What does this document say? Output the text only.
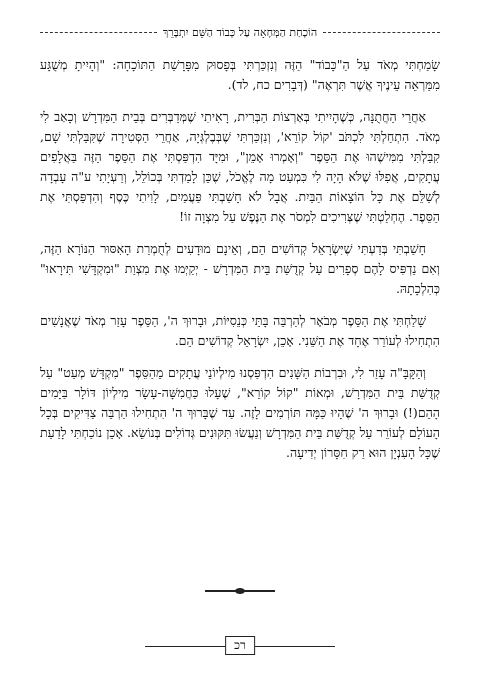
הוֹכָחַת הַמְּחָאָה עַל כְּבוֹד הַשֵּׁם יִתְבָּרֵךְ

שָׂמַחְתִּי מְאֹד עַל הַ"כָּבוֹד" הַזֶּה וְנִזְכַּרְתִּי בְּפָסוּק מִפָּרָשַׁת הַתּוֹכָחָה: "וְהָיִיתָ מְשֻׁגָּע מִמַּרְאֵה עֵינֶיךָ אֲשֶׁר תִּרְאֶה" (דְּבָרִים כח, לד).

אַחֲרֵי הַחֲתֻנָּה, כְּשֶׁהָיִיתִי בְּאַרְצוֹת הַבְּרִית, רָאִיתִי שֶׁמְּדַבְּרִים בְּבֵית הַמִּדְרָשׁ וְכָאַב לִי מְאֹד. הִתְחַלְתִּי לִכְתֹּב 'קוֹל קוֹרֵא', וְנִזְכַּרְתִּי שֶׁבְּבֶלְגְּיָה, אַחֲרֵי הַסְּטִירָה שֶׁקִּבַּלְתִּי שָׁם, קִבַּלְתִּי מִמִּישֶׁהוּ אֶת הַסֵּפֶר "וְאָמְרוּ אָמֵן", וּמִיָּד הִדְפַּסְתִּי אֶת הַסֵּפֶר הַזֶּה בַּאֲלָפִים עֲתָקִים, אֲפִלּוּ שֶׁלֹּא הָיָה לִי כִּמְעַט מָה לֶאֱכֹל, שֶׁכֵּן לָמַדְתִּי בְּכוֹלֵל, וְרַעְיָתִי ע"ה עָבְדָה לְשַׁלֵּם אֶת כָּל הוֹצָאוֹת הַבַּיִת. אֲבָל לֹא חָשַׁבְתִּי פַּעֲמַיִם, לָוִיתִי כֶּסֶף וְהִדְפַּסְתִּי אֶת הַסֵּפֶר. הֶחְלַטְתִּי שֶׁצְּרִיכִים לִמְסֹר אֶת הַנֶּפֶשׁ עַל מִצְוָה זוֹ!

חָשַׁבְתִּי בְּדַעְתִּי שֶׁיִּשְׂרָאֵל קְדוֹשִׁים הֵם, וְאֵינָם מוּדָעִים לְחֻמְרַת הָאִסּוּר הַנּוֹרָא הַזֶּה, וְאִם נַדְפִּיס לָהֶם סְפָרִים עַל קְדֻשַּׁת בֵּית הַמִּדְרָשׁ - יְקַיְּמוּ אֶת מִצְוַת "וּמִקְדָּשִׁי תִּירָאוּ" כְּהִלְכָתָהּ.

שָׁלַחְתִּי אֶת הַסֵּפֶר מְבֹאָר לְהַרְבֵּה בָּתֵּי כְּנֵסִיּוֹת, וּבָרוּךְ ה', הַסֵּפֶר עָזַר מְאֹד שֶׁאֲנָשִׁים הִתְחִילוּ לְעוֹרֵר אֶחָד אֶת הַשֵּׁנִי. אָכֵן, יִשְׂרָאֵל קְדוֹשִׁים הֵם.

וְהַקָּבָּ"ה עָזַר לִי, וּבִרְבוֹת הַשָּׁנִים הִדְפַּסְנוּ מִילְיוֹנֵי עֲתָקִים מֵהַסֵּפֶר "מִקְדָּשׁ מְעַט" עַל קְדֻשַּׁת בֵּית הַמִּדְרָשׁ, וּמְאוֹת "קוֹל קוֹרֵא", שֶׁעָלוּ כַּחֲמִשָּׁה-עָשָׂר מִילְיוֹן דּוֹלָר בַּיָּמִים הָהֵם(!) וּבָרוּךְ ה' שֶׁהָיוּ כַּמָּה תּוֹרְמִים לָזֶה. עַד שֶׁבָּרוּךְ ה' הִתְחִילוּ הַרְבֵּה צַדִּיקִים בְּכָל הָעוֹלָם לְעוֹרֵר עַל קְדֻשַּׁת בֵּית הַמִּדְרָשׁ וְנַעֲשׂוּ תִּקּוּנִים גְּדוֹלִים בְּנוֹשֵׂא. אָכֵן נוֹכַחְתִּי לָדַעַת שֶׁכָּל הָעִנְיָן הוּא רַק חִסָּרוֹן יְדִיעָה.

רכ
